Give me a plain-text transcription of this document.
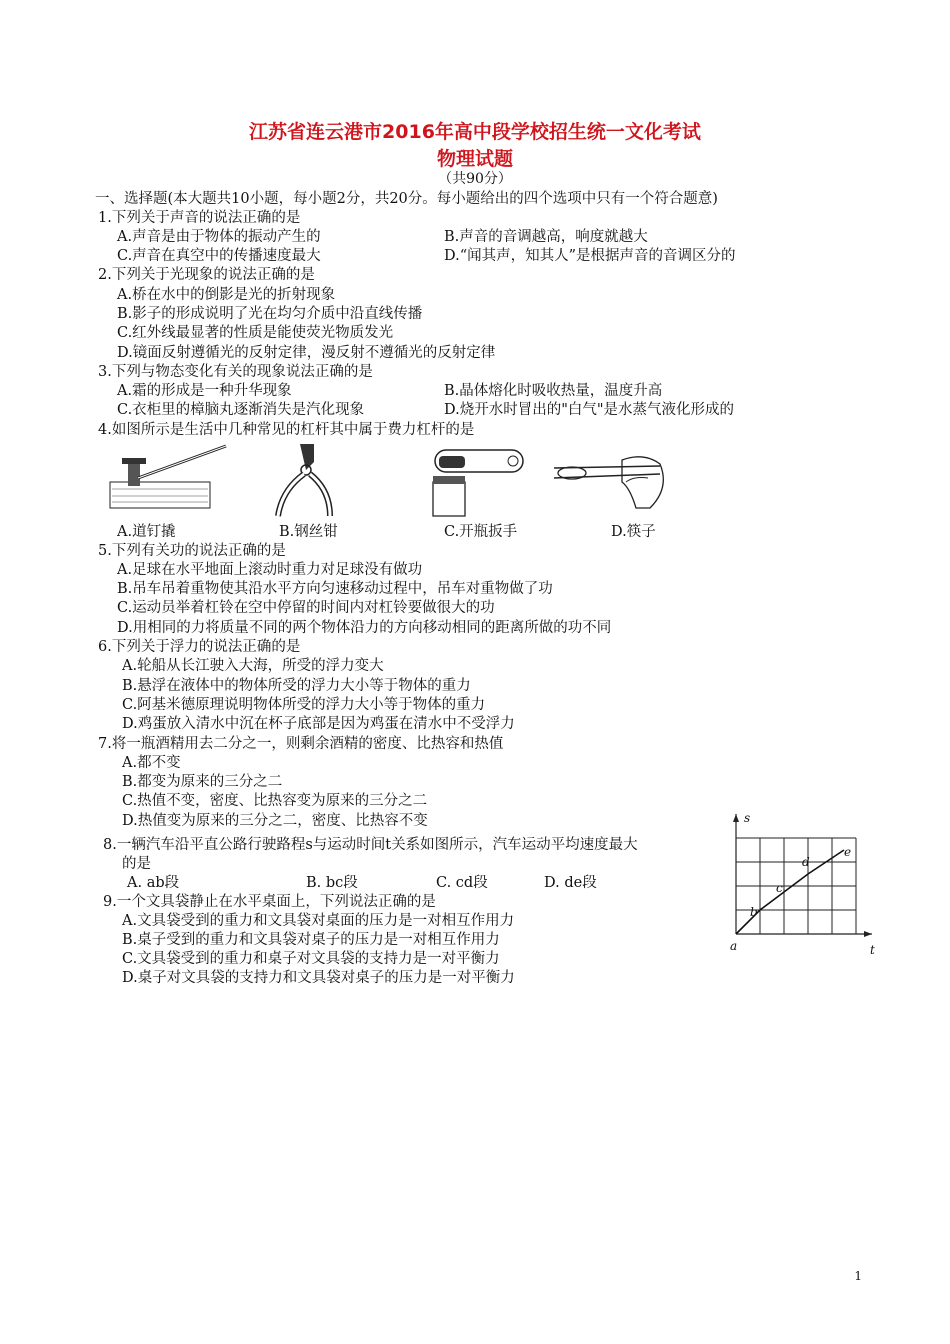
江苏省连云港市2016年高中段学校招生统一文化考试
物理试题
（共90分）
一、选择题(本大题共10小题，每小题2分，共20分。每小题给出的四个选项中只有一个符合题意)
1.下列关于声音的说法正确的是
A.声音是由于物体的振动产生的	B.声音的音调越高，响度就越大
C.声音在真空中的传播速度最大	D.“闻其声，知其人”是根据声音的音调区分的
2.下列关于光现象的说法正确的是
A.桥在水中的倒影是光的折射现象
B.影子的形成说明了光在均匀介质中沿直线传播
C.红外线最显著的性质是能使荧光物质发光
D.镜面反射遵循光的反射定律，漫反射不遵循光的反射定律
3.下列与物态变化有关的现象说法正确的是
A.霜的形成是一种升华现象	B.晶体熔化时吸收热量，温度升高
C.衣柜里的樟脑丸逐渐消失是汽化现象	D.烧开水时冒出的"白气"是水蒸气液化形成的
4.如图所示是生活中几种常见的杠杆其中属于费力杠杆的是
A.道钉撬	B.钢丝钳	C.开瓶扳手	D.筷子
5.下列有关功的说法正确的是
A.足球在水平地面上滚动时重力对足球没有做功
B.吊车吊着重物使其沿水平方向匀速移动过程中，吊车对重物做了功
C.运动员举着杠铃在空中停留的时间内对杠铃要做很大的功
D.用相同的力将质量不同的两个物体沿力的方向移动相同的距离所做的功不同
6.下列关于浮力的说法正确的是
A.轮船从长江驶入大海，所受的浮力变大
B.悬浮在液体中的物体所受的浮力大小等于物体的重力
C.阿基米德原理说明物体所受的浮力大小等于物体的重力
D.鸡蛋放入清水中沉在杯子底部是因为鸡蛋在清水中不受浮力
7.将一瓶酒精用去二分之一，则剩余酒精的密度、比热容和热值
A.都不变
B.都变为原来的三分之二
C.热值不变，密度、比热容变为原来的三分之二
D.热值变为原来的三分之二，密度、比热容不变
8.一辆汽车沿平直公路行驶路程s与运动时间t关系如图所示，汽车运动平均速度最大
的是
A. ab段	B. bc段	C. cd段	D. de段
9.一个文具袋静止在水平桌面上，下列说法正确的是
A.文具袋受到的重力和文具袋对桌面的压力是一对相互作用力
B.桌子受到的重力和文具袋对桌子的压力是一对相互作用力
C.文具袋受到的重力和桌子对文具袋的支持力是一对平衡力
D.桌子对文具袋的支持力和文具袋对桌子的压力是一对平衡力
s
t
a
b
c
d
e
1
